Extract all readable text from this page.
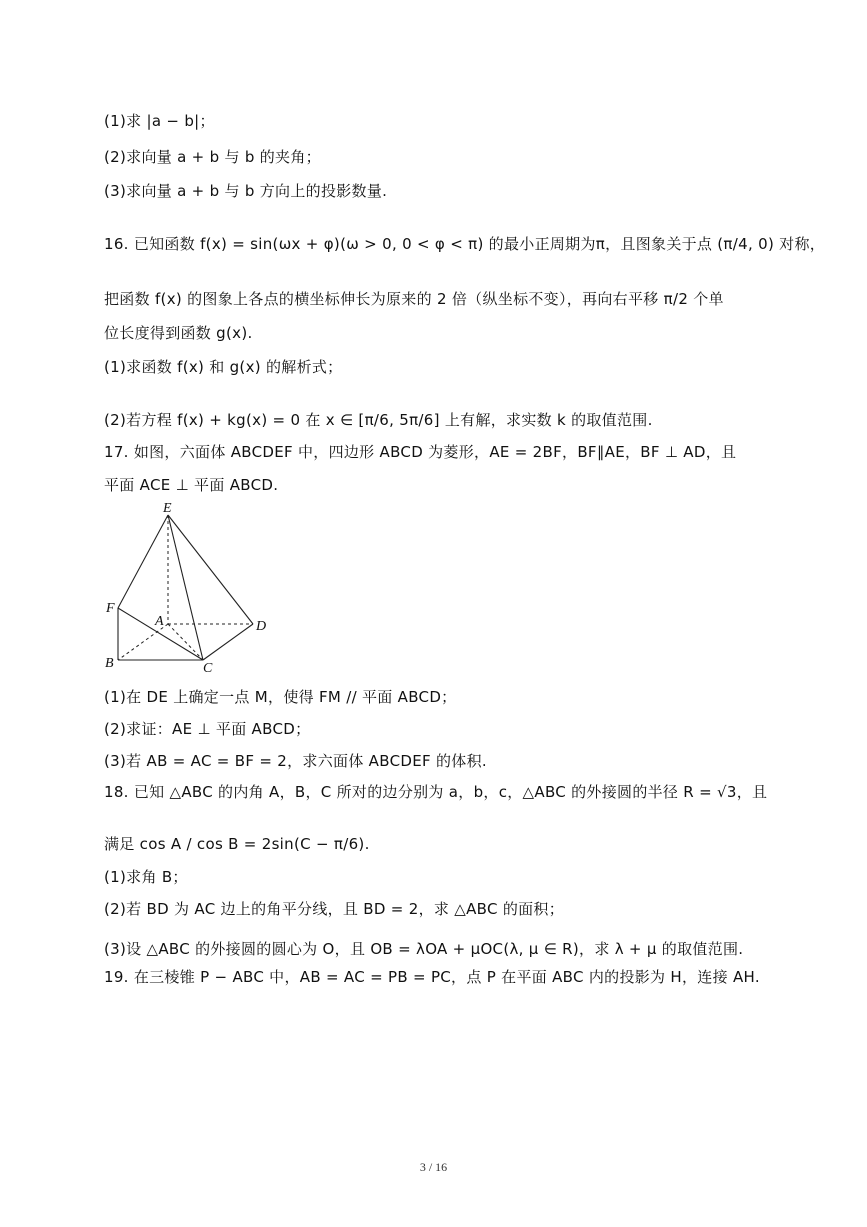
(1)求 |a − b|；
(2)求向量 a + b 与 b 的夹角；
(3)求向量 a + b 与 b 方向上的投影数量.
16. 已知函数 f(x) = sin(ωx + φ)(ω > 0, 0 < φ < π) 的最小正周期为π，且图象关于点 (π/4, 0) 对称，
把函数 f(x) 的图象上各点的横坐标伸长为原来的 2 倍（纵坐标不变），再向右平移 π/2 个单
位长度得到函数 g(x).
(1)求函数 f(x) 和 g(x) 的解析式；
(2)若方程 f(x) + kg(x) = 0 在 x ∈ [π/6, 5π/6] 上有解，求实数 k 的取值范围.
17. 如图，六面体 ABCDEF 中，四边形 ABCD 为菱形，AE = 2BF，BF∥AE，BF ⊥ AD，且
平面 ACE ⊥ 平面 ABCD.
(1)在 DE 上确定一点 M，使得 FM // 平面 ABCD；
(2)求证：AE ⊥ 平面 ABCD；
(3)若 AB = AC = BF = 2，求六面体 ABCDEF 的体积.
18. 已知 △ABC 的内角 A，B，C 所对的边分别为 a，b，c，△ABC 的外接圆的半径 R = √3，且
满足 cos A / cos B = 2sin(C − π/6).
(1)求角 B；
(2)若 BD 为 AC 边上的角平分线，且 BD = 2，求 △ABC 的面积；
(3)设 △ABC 的外接圆的圆心为 O，且 OB = λOA + μOC(λ, μ ∈ R)，求 λ + μ 的取值范围.
19. 在三棱锥 P − ABC 中，AB = AC = PB = PC，点 P 在平面 ABC 内的投影为 H，连接 AH.
E
F
A	D
B	C
3 / 16
